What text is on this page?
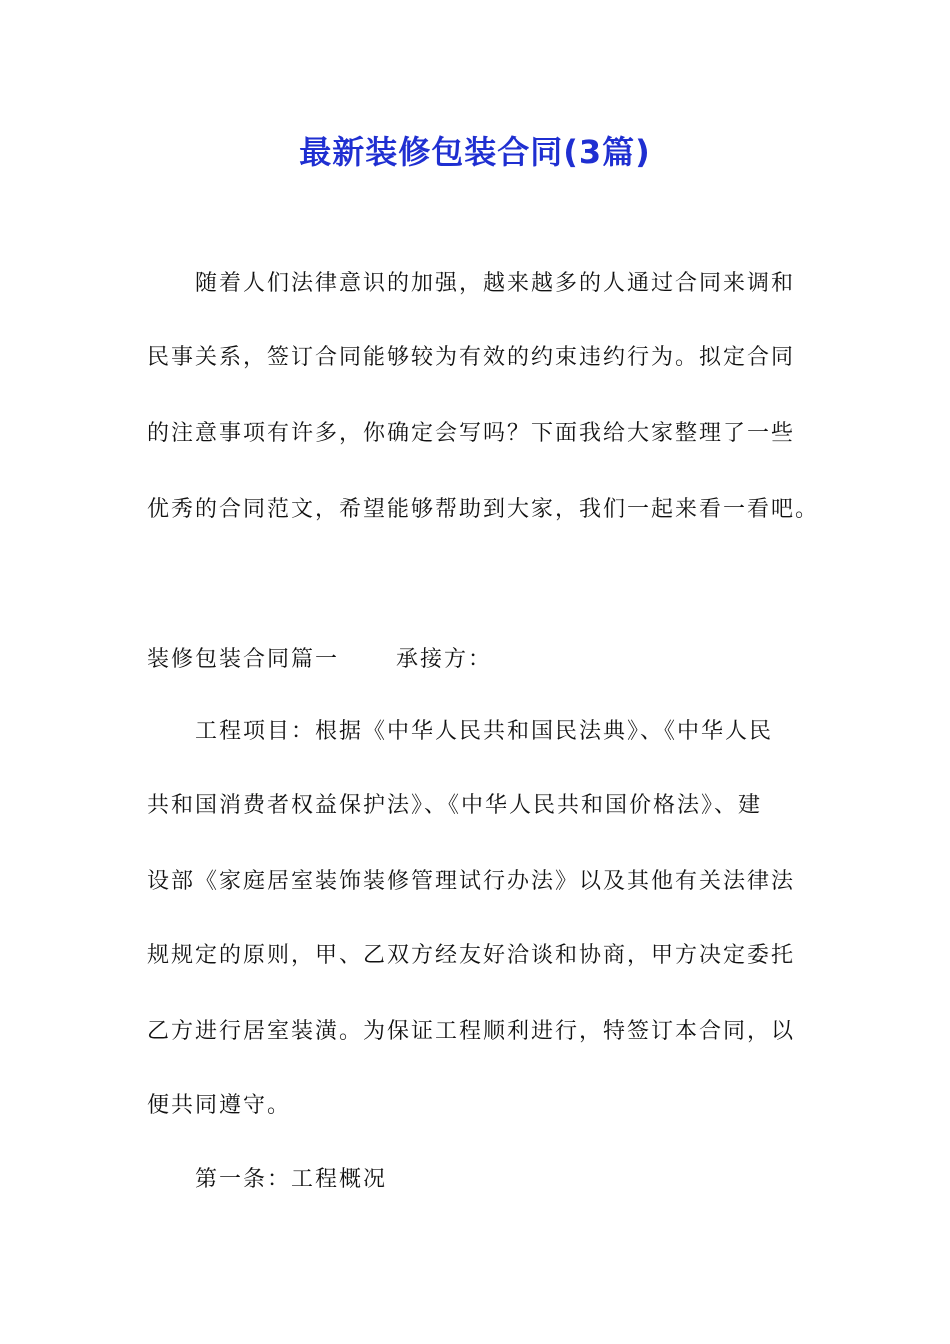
最新装修包装合同(3篇)
随着人们法律意识的加强，越来越多的人通过合同来调和
民事关系，签订合同能够较为有效的约束违约行为。拟定合同
的注意事项有许多，你确定会写吗？下面我给大家整理了一些
优秀的合同范文，希望能够帮助到大家，我们一起来看一看吧。
装修包装合同篇一　　 承接方：
工程项目：根据《中华人民共和国民法典》、《中华人民
共和国消费者权益保护法》、《中华人民共和国价格法》、建
设部《家庭居室装饰装修管理试行办法》以及其他有关法律法
规规定的原则，甲、乙双方经友好洽谈和协商，甲方决定委托
乙方进行居室装潢。为保证工程顺利进行，特签订本合同，以
便共同遵守。
第一条：工程概况
